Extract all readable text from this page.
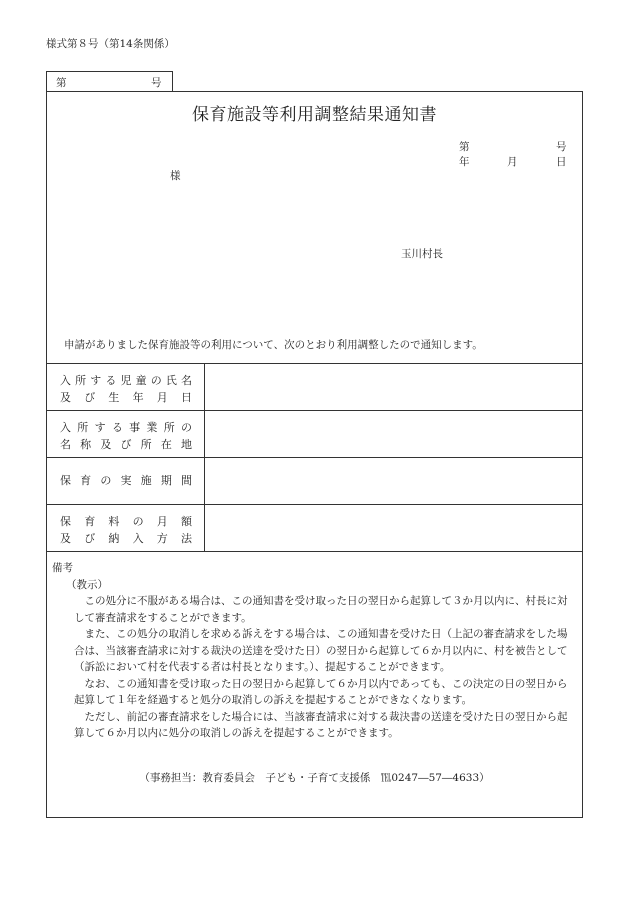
様式第８号（第14条関係）
第	号
保育施設等利用調整結果通知書
第	号
年	月	日
様
玉川村長
申請がありました保育施設等の利用について、次のとおり利用調整したので通知します。
入所する児童の氏名
及び生年月日
入所する事業所の
名称及び所在地
保育の実施期間
保育料の月額
及び納入方法
備考
（教示）
この処分に不服がある場合は、この通知書を受け取った日の翌日から起算して３か月以内に、村長に対して審査請求をすることができます。
また、この処分の取消しを求める訴えをする場合は、この通知書を受けた日（上記の審査請求をした場合は、当該審査請求に対する裁決の送達を受けた日）の翌日から起算して６か月以内に、村を被告として（訴訟において村を代表する者は村長となります。）、提起することができます。
なお、この通知書を受け取った日の翌日から起算して６か月以内であっても、この決定の日の翌日から起算して１年を経過すると処分の取消しの訴えを提起することができなくなります。
ただし、前記の審査請求をした場合には、当該審査請求に対する裁決書の送達を受けた日の翌日から起算して６か月以内に処分の取消しの訴えを提起することができます。
（事務担当：教育委員会　子ども・子育て支援係　℡0247―57―4633）
